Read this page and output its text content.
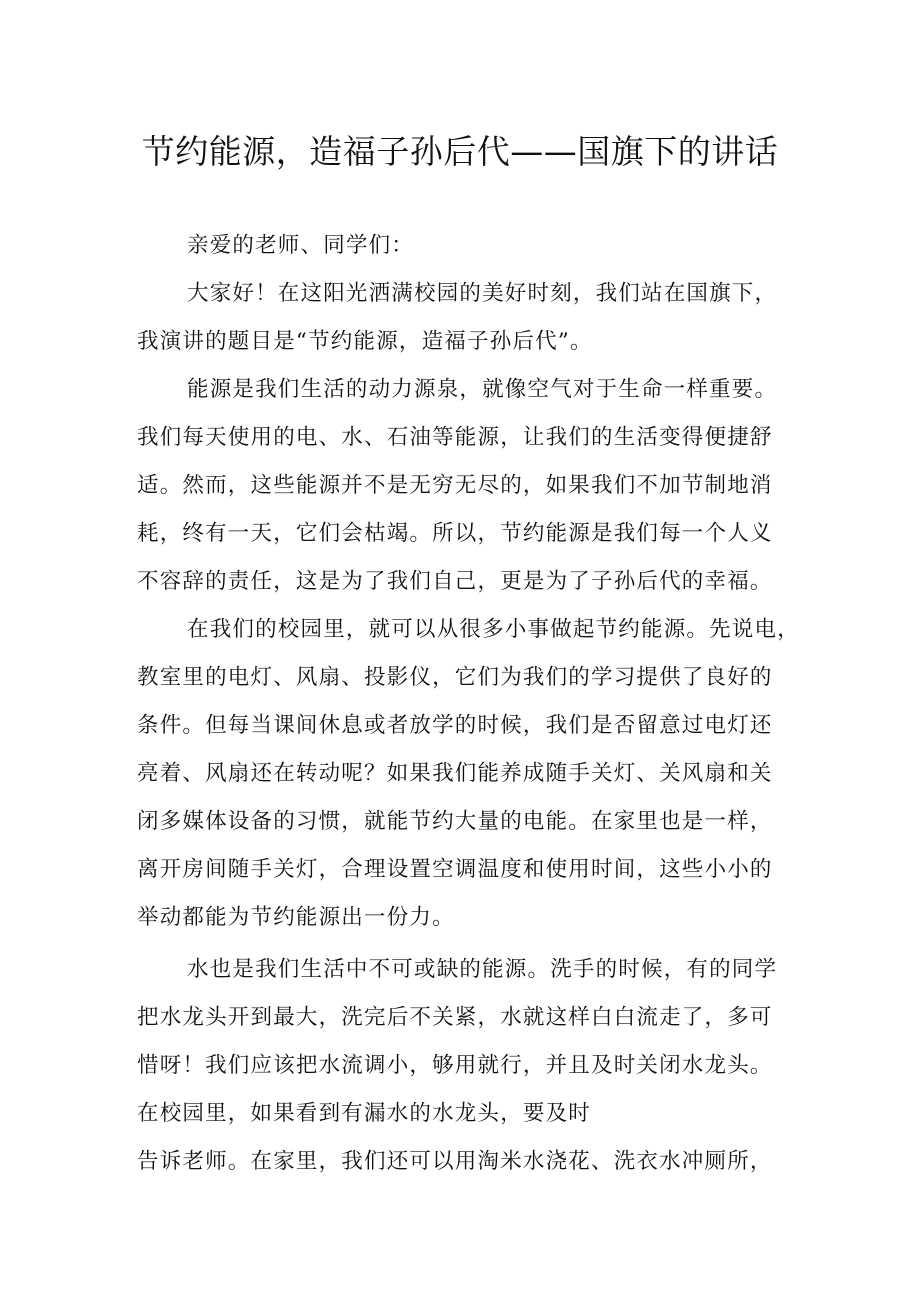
节约能源，造福子孙后代——国旗下的讲话
亲爱的老师、同学们：
大家好！在这阳光洒满校园的美好时刻，我们站在国旗下，
我演讲的题目是“节约能源，造福子孙后代”。
能源是我们生活的动力源泉，就像空气对于生命一样重要。
我们每天使用的电、水、石油等能源，让我们的生活变得便捷舒
适。然而，这些能源并不是无穷无尽的，如果我们不加节制地消
耗，终有一天，它们会枯竭。所以，节约能源是我们每一个人义
不容辞的责任，这是为了我们自己，更是为了子孙后代的幸福。
在我们的校园里，就可以从很多小事做起节约能源。先说电，
教室里的电灯、风扇、投影仪，它们为我们的学习提供了良好的
条件。但每当课间休息或者放学的时候，我们是否留意过电灯还
亮着、风扇还在转动呢？如果我们能养成随手关灯、关风扇和关
闭多媒体设备的习惯，就能节约大量的电能。在家里也是一样，
离开房间随手关灯，合理设置空调温度和使用时间，这些小小的
举动都能为节约能源出一份力。
水也是我们生活中不可或缺的能源。洗手的时候，有的同学
把水龙头开到最大，洗完后不关紧，水就这样白白流走了，多可
惜呀！我们应该把水流调小，够用就行，并且及时关闭水龙头。
在校园里，如果看到有漏水的水龙头，要及时
告诉老师。在家里，我们还可以用淘米水浇花、洗衣水冲厕所，
